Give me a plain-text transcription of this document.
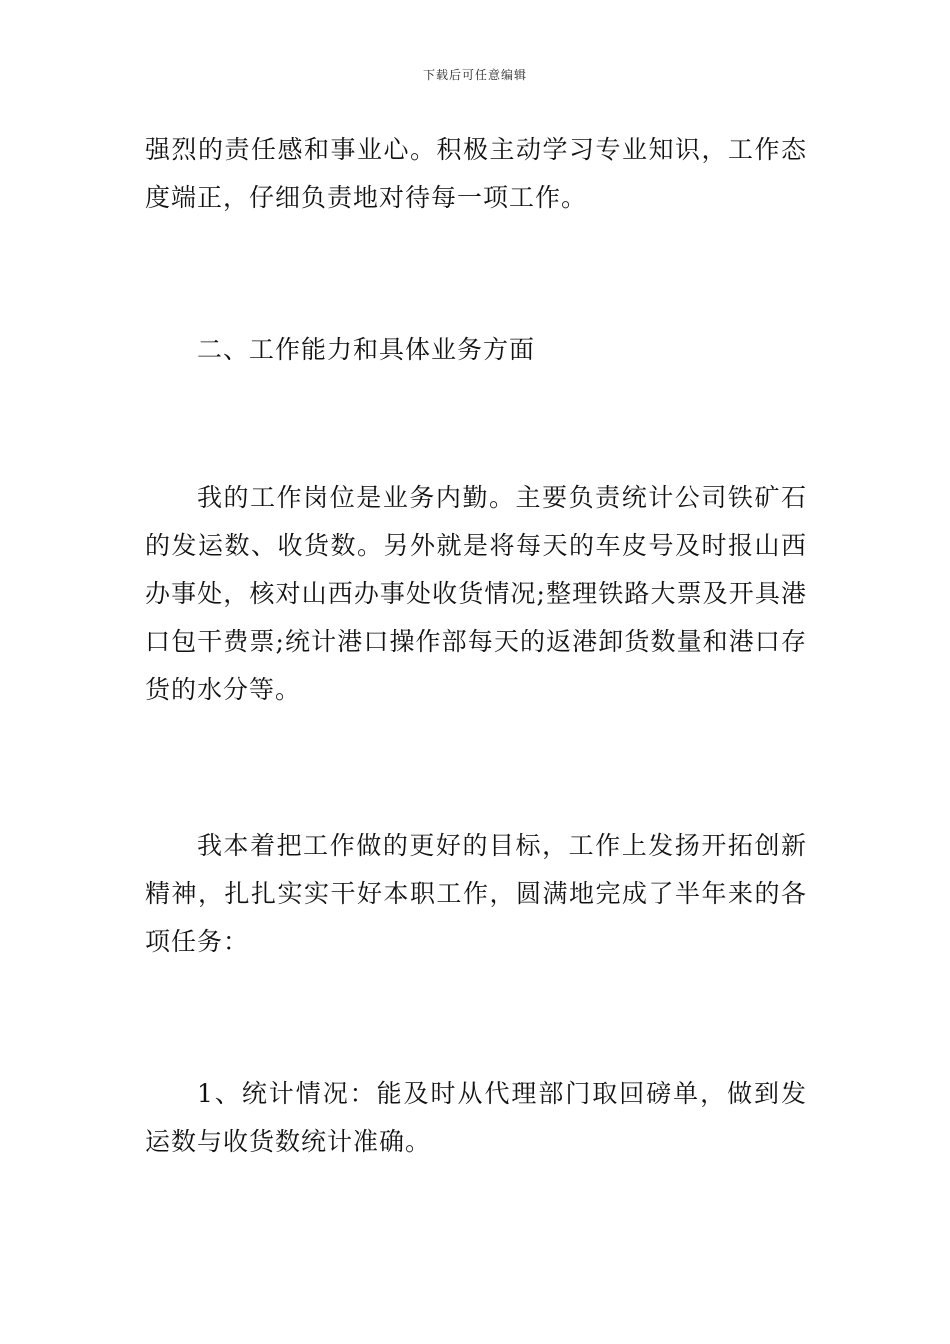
下载后可任意编辑

强烈的责任感和事业心。积极主动学习专业知识，工作态度端正，仔细负责地对待每一项工作。

二、工作能力和具体业务方面

我的工作岗位是业务内勤。主要负责统计公司铁矿石的发运数、收货数。另外就是将每天的车皮号及时报山西办事处，核对山西办事处收货情况;整理铁路大票及开具港口包干费票;统计港口操作部每天的返港卸货数量和港口存货的水分等。

我本着把工作做的更好的目标，工作上发扬开拓创新精神，扎扎实实干好本职工作，圆满地完成了半年来的各项任务：

1、统计情况：能及时从代理部门取回磅单，做到发运数与收货数统计准确。
